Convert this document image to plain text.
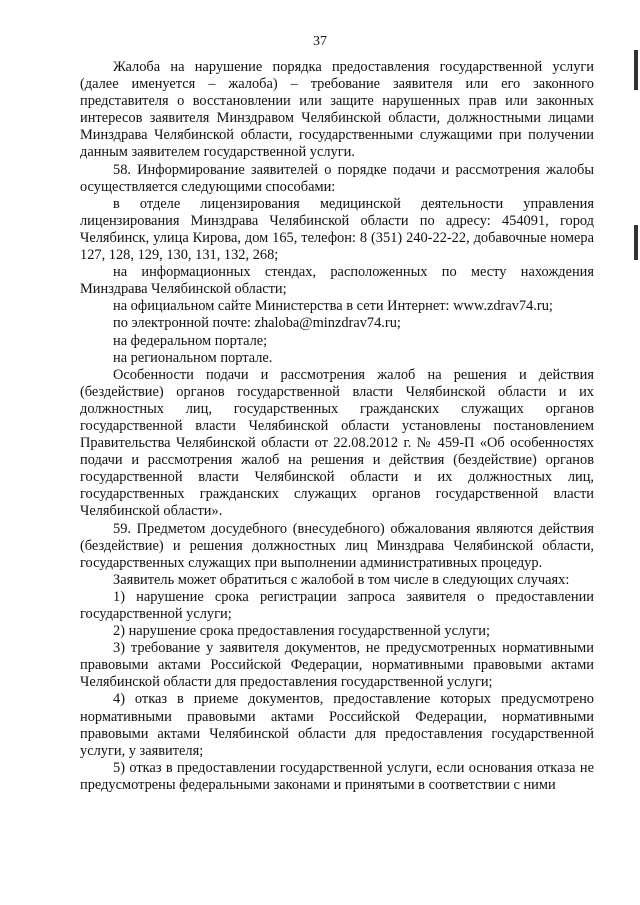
37

Жалоба на нарушение порядка предоставления государственной услуги (далее именуется – жалоба) – требование заявителя или его законного представителя о восстановлении или защите нарушенных прав или законных интересов заявителя Минздравом Челябинской области, должностными лицами Минздрава Челябинской области, государственными служащими при получении данным заявителем государственной услуги.

58. Информирование заявителей о порядке подачи и рассмотрения жалобы осуществляется следующими способами:

в отделе лицензирования медицинской деятельности управления лицензирования Минздрава Челябинской области по адресу: 454091, город Челябинск, улица Кирова, дом 165, телефон: 8 (351) 240-22-22, добавочные номера 127, 128, 129, 130, 131, 132, 268;

на информационных стендах, расположенных по месту нахождения Минздрава Челябинской области;

на официальном сайте Министерства в сети Интернет: www.zdrav74.ru;

по электронной почте: zhaloba@minzdrav74.ru;

на федеральном портале;

на региональном портале.

Особенности подачи и рассмотрения жалоб на решения и действия (бездействие) органов государственной власти Челябинской области и их должностных лиц, государственных гражданских служащих органов государственной власти Челябинской области установлены постановлением Правительства Челябинской области от 22.08.2012 г. № 459-П «Об особенностях подачи и рассмотрения жалоб на решения и действия (бездействие) органов государственной власти Челябинской области и их должностных лиц, государственных гражданских служащих органов государственной власти Челябинской области».

59. Предметом досудебного (внесудебного) обжалования являются действия (бездействие) и решения должностных лиц Минздрава Челябинской области, государственных служащих при выполнении административных процедур.

Заявитель может обратиться с жалобой в том числе в следующих случаях:

1) нарушение срока регистрации запроса заявителя о предоставлении государственной услуги;

2) нарушение срока предоставления государственной услуги;

3) требование у заявителя документов, не предусмотренных нормативными правовыми актами Российской Федерации, нормативными правовыми актами Челябинской области для предоставления государственной услуги;

4) отказ в приеме документов, предоставление которых предусмотрено нормативными правовыми актами Российской Федерации, нормативными правовыми актами Челябинской области для предоставления государственной услуги, у заявителя;

5) отказ в предоставлении государственной услуги, если основания отказа не предусмотрены федеральными законами и принятыми в соответствии с ними
